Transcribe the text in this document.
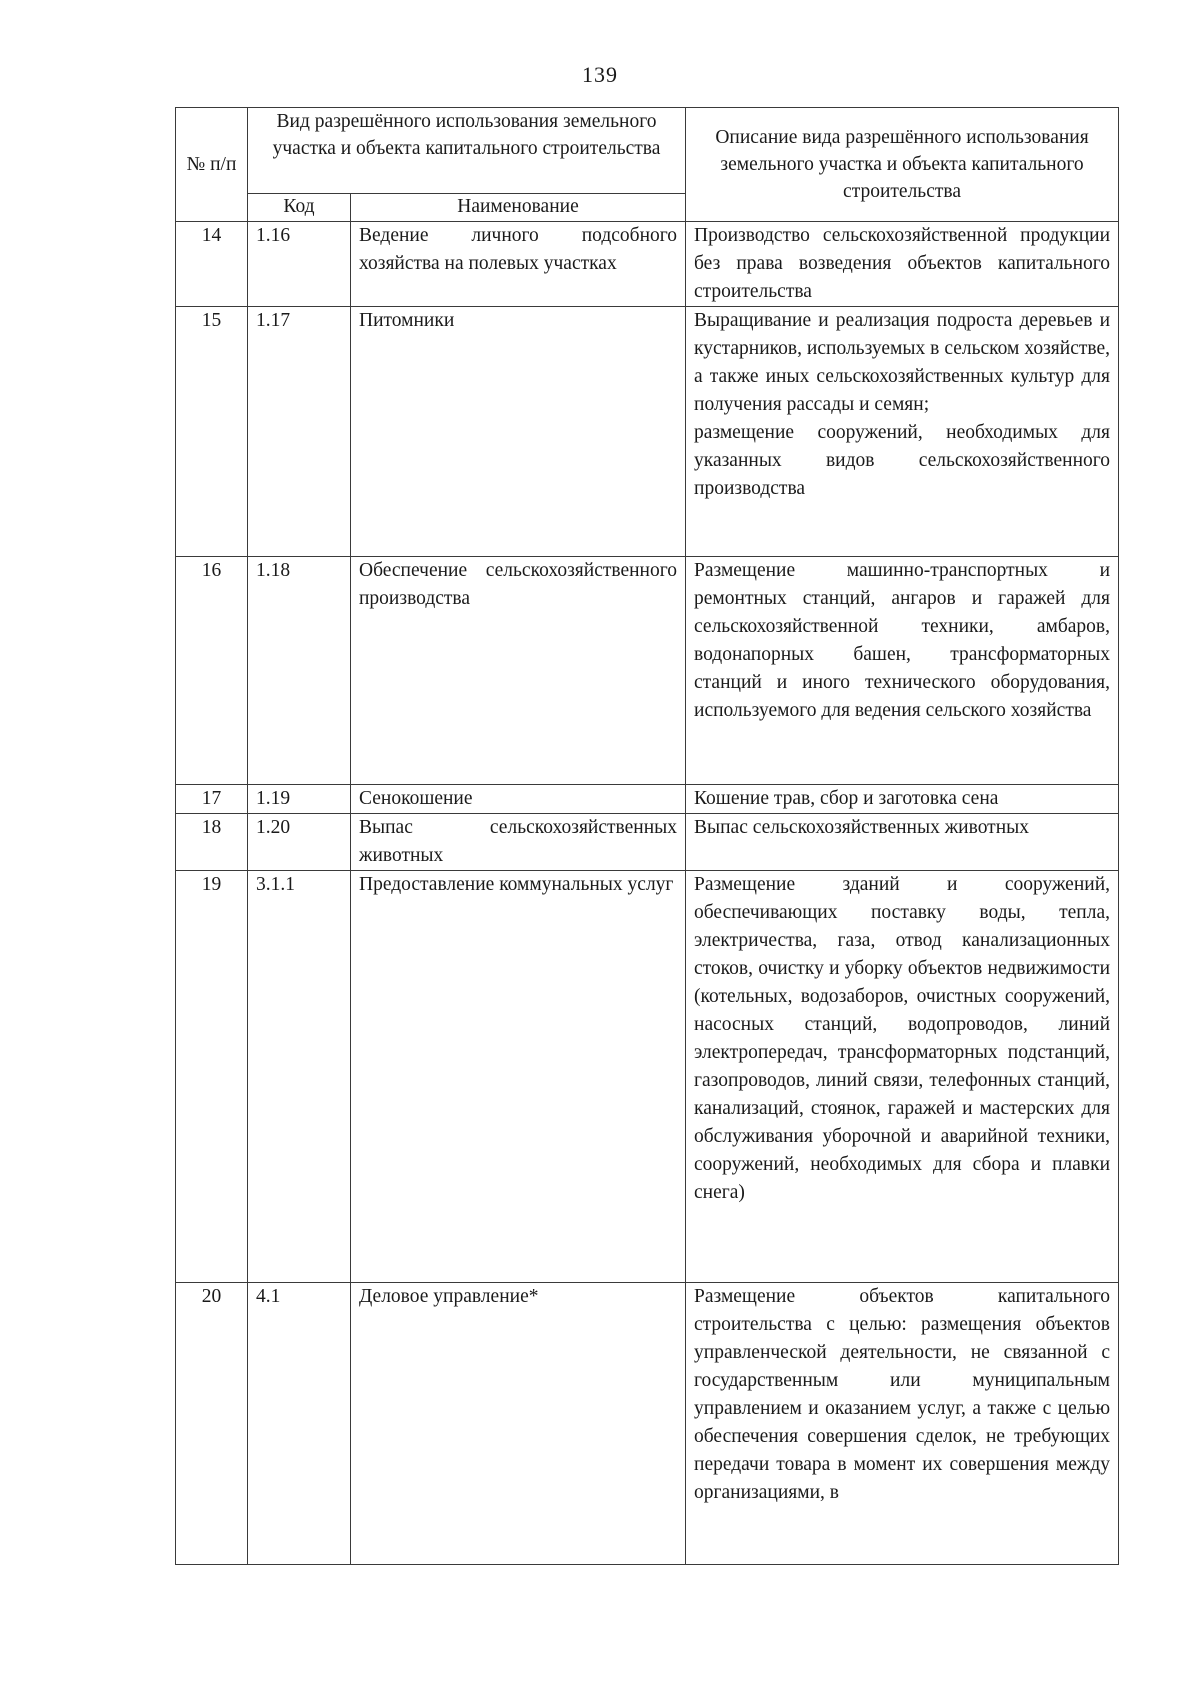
139
№ п/п	Вид разрешённого использования земельного участка и объекта капитального строительства		Описание вида разрешённого использования земельного участка и объекта капитального строительства
	Код	Наименование	
14	1.16	Ведение личного подсобного хозяйства на полевых участках	Производство сельскохозяйственной продукции без права возведения объектов капитального строительства
15	1.17	Питомники	Выращивание и реализация подроста деревьев и кустарников, используемых в сельском хозяйстве, а также иных сельскохозяйственных культур для получения рассады и семян;
размещение сооружений, необходимых для указанных видов сельскохозяйственного производства

16	1.18	Обеспечение сельскохозяйственного производства	Размещение машинно-транспортных и ремонтных станций, ангаров и гаражей для сельскохозяйственной техники, амбаров, водонапорных башен, трансформаторных станций и иного технического оборудования, используемого для ведения сельского хозяйства
17	1.19	Сенокошение	Кошение трав, сбор и заготовка сена
18	1.20	Выпас сельскохозяйственных животных	Выпас сельскохозяйственных животных
19	3.1.1	Предоставление коммунальных услуг	Размещение зданий и сооружений, обеспечивающих поставку воды, тепла, электричества, газа, отвод канализационных стоков, очистку и уборку объектов недвижимости (котельных, водозаборов, очистных сооружений, насосных станций, водопроводов, линий электропередач, трансформаторных подстанций, газопроводов, линий связи, телефонных станций, канализаций, стоянок, гаражей и мастерских для обслуживания уборочной и аварийной техники, сооружений, необходимых для сбора и плавки снега)
20	4.1	Деловое управление*	Размещение объектов капитального строительства с целью: размещения объектов управленческой деятельности, не связанной с государственным или муниципальным управлением и оказанием услуг, а также с целью обеспечения совершения сделок, не требующих передачи товара в момент их совершения между организациями, в
